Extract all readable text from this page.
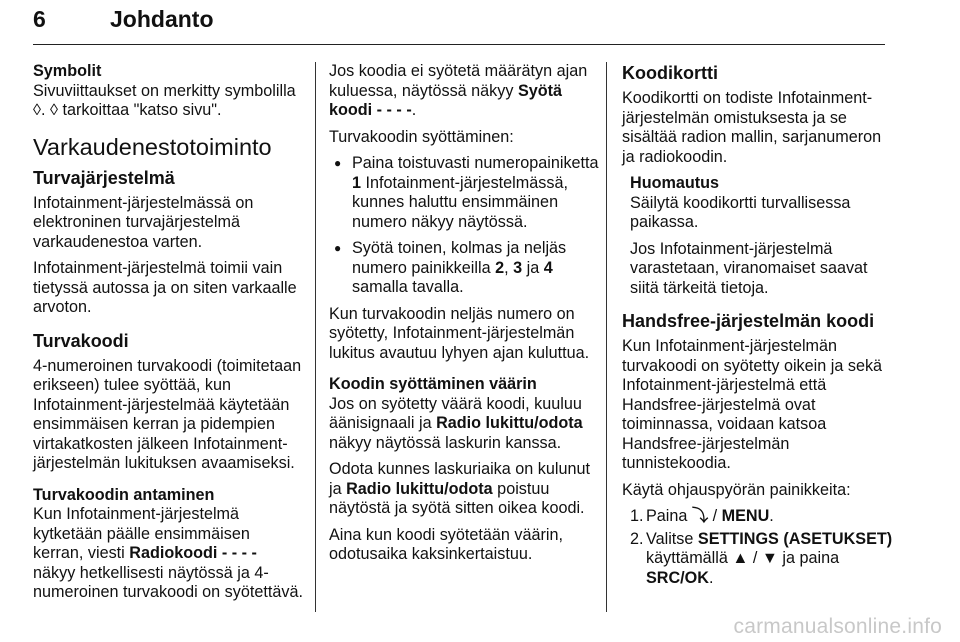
6	Johdanto

Symbolit

Sivuviittaukset on merkitty symbolilla ◊. ◊ tarkoittaa "katso sivu".

Varkaudenestotoiminto
Turvajärjestelmä

Infotainment-järjestelmässä on elektroninen turvajärjestelmä varkaudenestoa varten.

Infotainment-järjestelmä toimii vain tietyssä autossa ja on siten varkaalle arvoton.

Turvakoodi

4-numeroinen turvakoodi (toimitetaan erikseen) tulee syöttää, kun Infotainment-järjestelmää käytetään ensimmäisen kerran ja pidempien virtakatkosten jälkeen Infotainment-järjestelmän lukituksen avaamiseksi.

Turvakoodin antaminen

Kun Infotainment-järjestelmä kytketään päälle ensimmäisen kerran, viesti Radiokoodi - - - - näkyy hetkellisesti näytössä ja 4-numeroinen turvakoodi on syötettävä.

Jos koodia ei syötetä määrätyn ajan kuluessa, näytössä näkyy Syötä koodi - - - -.

Turvakoodin syöttäminen:

● Paina toistuvasti numeropainiketta 1 Infotainment-järjestelmässä, kunnes haluttu ensimmäinen numero näkyy näytössä.

● Syötä toinen, kolmas ja neljäs numero painikkeilla 2, 3 ja 4 samalla tavalla.

Kun turvakoodin neljäs numero on syötetty, Infotainment-järjestelmän lukitus avautuu lyhyen ajan kuluttua.

Koodin syöttäminen väärin

Jos on syötetty väärä koodi, kuuluu äänisignaali ja Radio lukittu/odota näkyy näytössä laskurin kanssa.

Odota kunnes laskuriaika on kulunut ja Radio lukittu/odota poistuu näytöstä ja syötä sitten oikea koodi.

Aina kun koodi syötetään väärin, odotusaika kaksinkertaistuu.

Koodikortti

Koodikortti on todiste Infotainment-järjestelmän omistuksesta ja se sisältää radion mallin, sarjanumeron ja radiokoodin.

Huomautus

Säilytä koodikortti turvallisessa paikassa.

Jos Infotainment-järjestelmä varastetaan, viranomaiset saavat siitä tärkeitä tietoja.

Handsfree-järjestelmän koodi

Kun Infotainment-järjestelmän turvakoodi on syötetty oikein ja sekä Infotainment-järjestelmä että Handsfree-järjestelmä ovat toiminnassa, voidaan katsoa Handsfree-järjestelmän tunnistekoodia.

Käytä ohjauspyörän painikkeita:

1. Paina ⤵ / MENU.

2. Valitse SETTINGS (ASETUKSET) käyttämällä ▲ / ▼ ja paina SRC/OK.

carmanualsonline.info
